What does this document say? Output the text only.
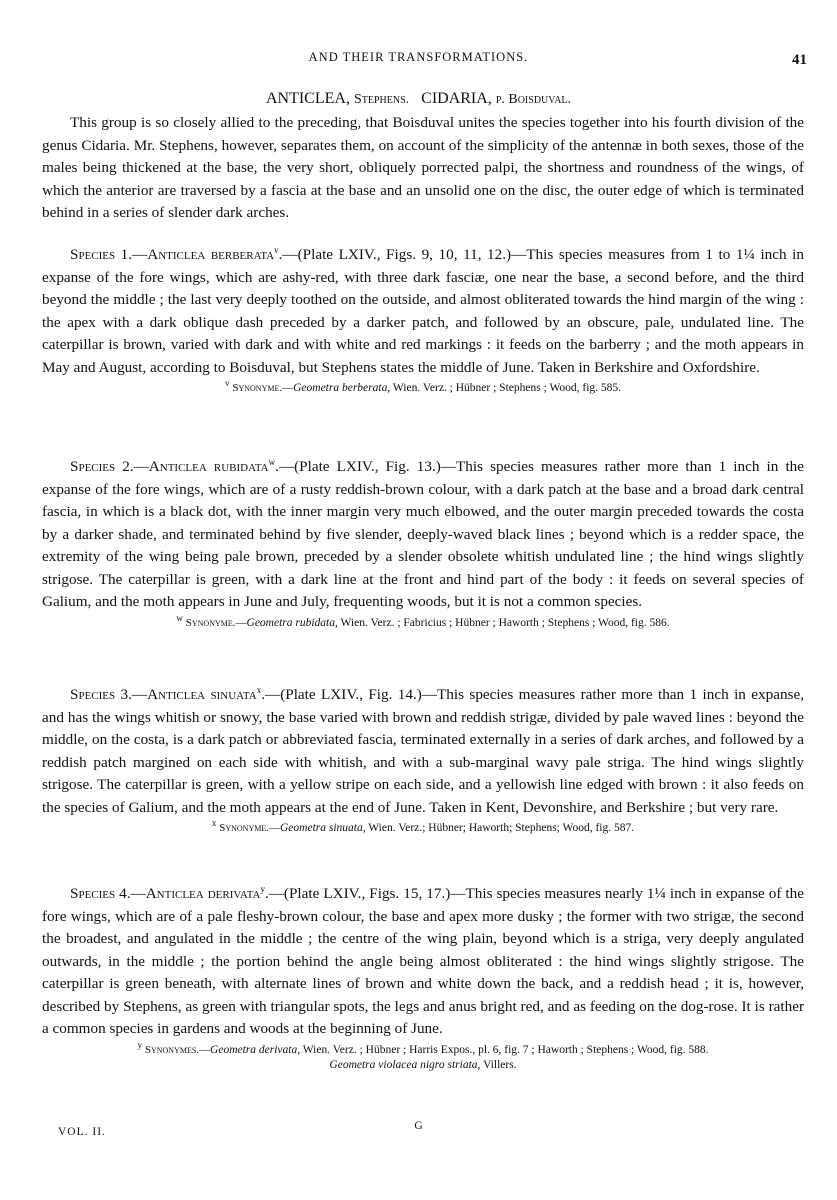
AND THEIR TRANSFORMATIONS.	41
ANTICLEA, Stephens. CIDARIA, p. Boisduval.

This group is so closely allied to the preceding, that Boisduval unites the species together into his fourth division of the genus Cidaria. Mr. Stephens, however, separates them, on account of the simplicity of the antennæ in both sexes, those of the males being thickened at the base, the very short, obliquely porrected palpi, the shortness and roundness of the wings, of which the anterior are traversed by a fascia at the base and an unsolid one on the disc, the outer edge of which is terminated behind in a series of slender dark arches.

Species 1.—Anticlea berberata$^v$.—(Plate LXIV., Figs. 9, 10, 11, 12.)—This species measures from 1 to 1¼ inch in expanse of the fore wings, which are ashy-red, with three dark fasciæ, one near the base, a second before, and the third beyond the middle ; the last very deeply toothed on the outside, and almost obliterated towards the hind margin of the wing : the apex with a dark oblique dash preceded by a darker patch, and followed by an obscure, pale, undulated line. The caterpillar is brown, varied with dark and with white and red markings : it feeds on the barberry ; and the moth appears in May and August, according to Boisduval, but Stephens states the middle of June. Taken in Berkshire and Oxfordshire.

$^v$ Synonyme.—Geometra berberata, Wien. Verz. ; Hübner ; Stephens ; Wood, fig. 585.

Species 2.—Anticlea rubidata$^w$.—(Plate LXIV., Fig. 13.)—This species measures rather more than 1 inch in the expanse of the fore wings, which are of a rusty reddish-brown colour, with a dark patch at the base and a broad dark central fascia, in which is a black dot, with the inner margin very much elbowed, and the outer margin preceded towards the costa by a darker shade, and terminated behind by five slender, deeply-waved black lines ; beyond which is a redder space, the extremity of the wing being pale brown, preceded by a slender obsolete whitish undulated line ; the hind wings slightly strigose. The caterpillar is green, with a dark line at the front and hind part of the body : it feeds on several species of Galium, and the moth appears in June and July, frequenting woods, but it is not a common species.

$^w$ Synonyme.—Geometra rubidata, Wien. Verz. ; Fabricius ; Hübner ; Haworth ; Stephens ; Wood, fig. 586.

Species 3.—Anticlea sinuata$^x$.—(Plate LXIV., Fig. 14.)—This species measures rather more than 1 inch in expanse, and has the wings whitish or snowy, the base varied with brown and reddish strigæ, divided by pale waved lines : beyond the middle, on the costa, is a dark patch or abbreviated fascia, terminated externally in a series of dark arches, and followed by a reddish patch margined on each side with whitish, and with a sub-marginal wavy pale striga. The hind wings slightly strigose. The caterpillar is green, with a yellow stripe on each side, and a yellowish line edged with brown : it also feeds on the species of Galium, and the moth appears at the end of June. Taken in Kent, Devonshire, and Berkshire ; but very rare.

$^x$ Synonyme.—Geometra sinuata, Wien. Verz.; Hübner; Haworth; Stephens; Wood, fig. 587.

Species 4.—Anticlea derivata$^y$.—(Plate LXIV., Figs. 15, 17.)—This species measures nearly 1¼ inch in expanse of the fore wings, which are of a pale fleshy-brown colour, the base and apex more dusky ; the former with two strigæ, the second the broadest, and angulated in the middle ; the centre of the wing plain, beyond which is a striga, very deeply angulated outwards, in the middle ; the portion behind the angle being almost obliterated : the hind wings slightly strigose. The caterpillar is green beneath, with alternate lines of brown and white down the back, and a reddish head ; it is, however, described by Stephens, as green with triangular spots, the legs and anus bright red, and as feeding on the dog-rose. It is rather a common species in gardens and woods at the beginning of June.

$^y$ Synonymes.—Geometra derivata, Wien. Verz. ; Hübner ; Harris Expos., pl. 6, fig. 7 ; Haworth ; Stephens ; Wood, fig. 588.
Geometra violacea nigro striata, Villers.
VOL. II.	G
